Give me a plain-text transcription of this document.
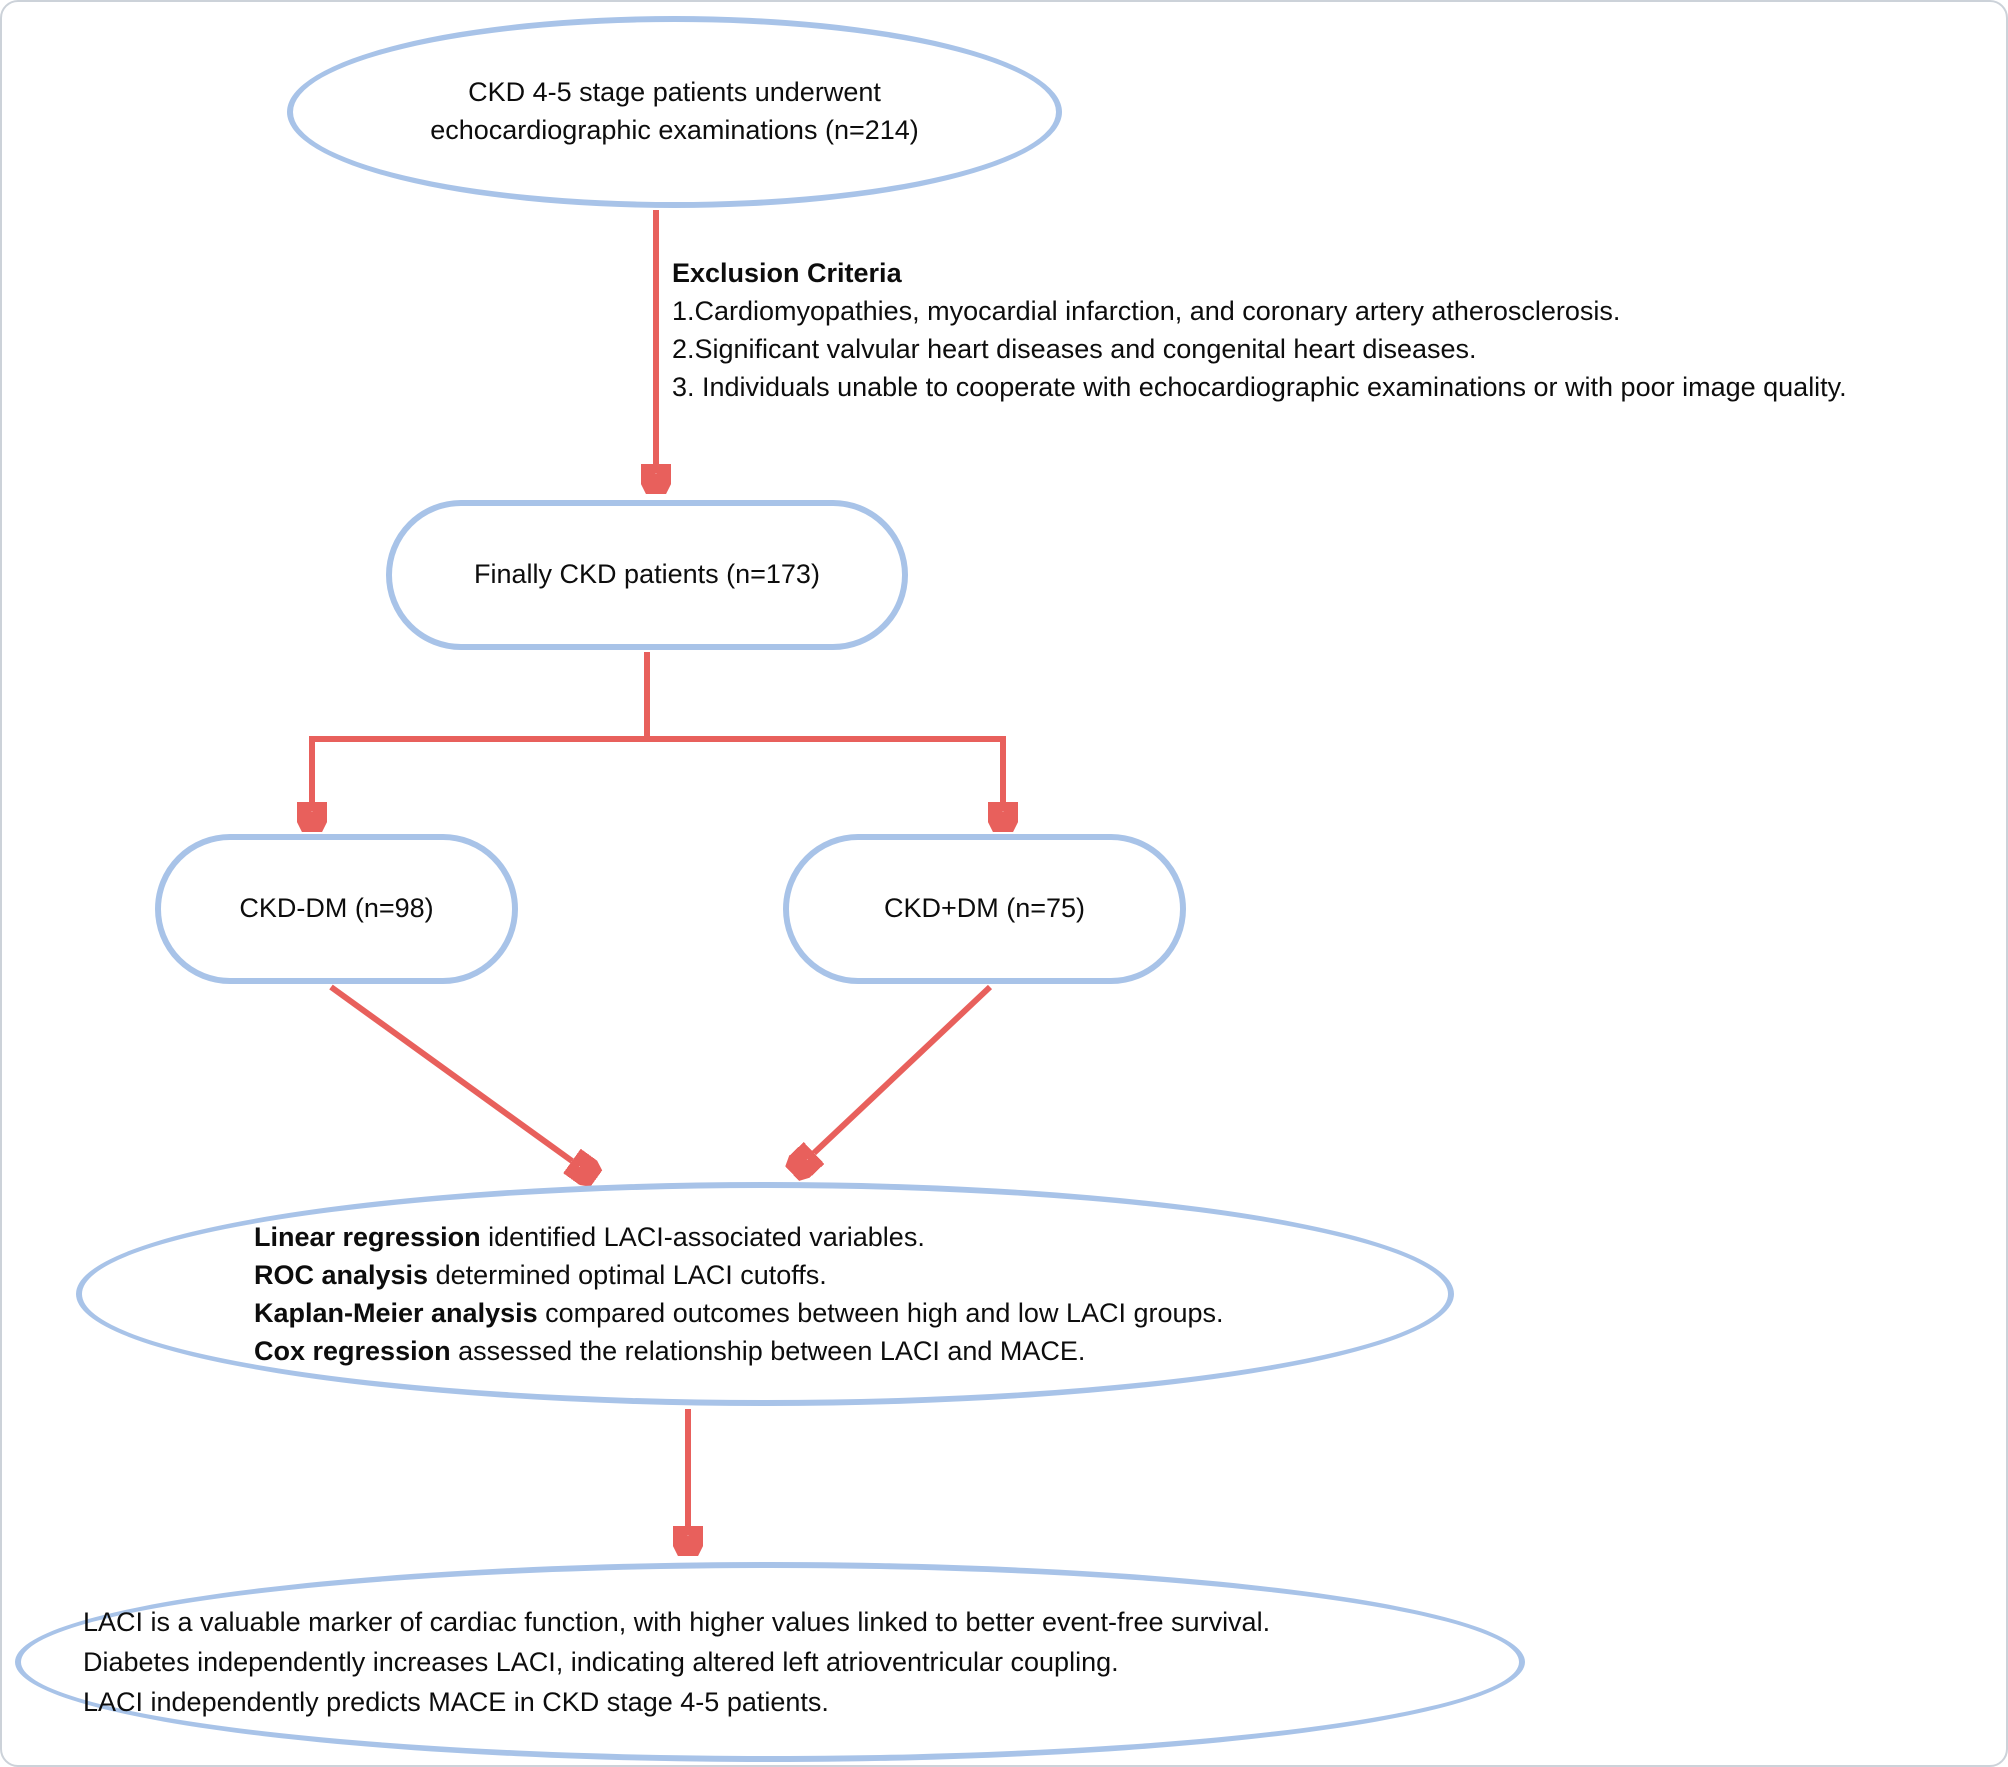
CKD 4-5 stage patients underwent
echocardiographic examinations (n=214)
Exclusion Criteria
1.Cardiomyopathies, myocardial infarction, and coronary artery atherosclerosis.
2.Significant valvular heart diseases and congenital heart diseases.
3. Individuals unable to cooperate with echocardiographic examinations or with poor image quality.
Finally CKD patients (n=173)
CKD-DM (n=98)	CKD+DM (n=75)
Linear regression identified LACI-associated variables.
ROC analysis determined optimal LACI cutoffs.
Kaplan-Meier analysis compared outcomes between high and low LACI groups.
Cox regression assessed the relationship between LACI and MACE.
LACI is a valuable marker of cardiac function, with higher values linked to better event-free survival.
Diabetes independently increases LACI, indicating altered left atrioventricular coupling.
LACI independently predicts MACE in CKD stage 4-5 patients.
